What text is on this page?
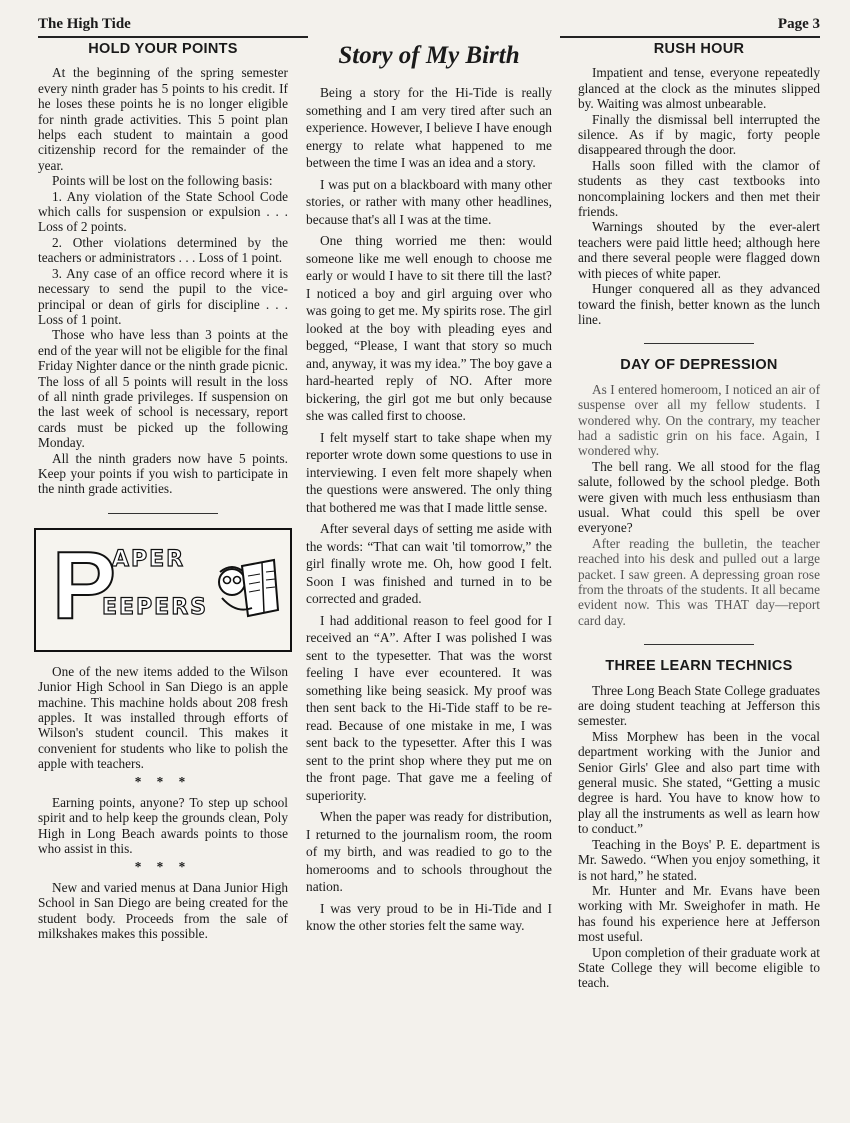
The High Tide	Page 3
HOLD YOUR POINTS

At the beginning of the spring semester every ninth grader has 5 points to his credit. If he loses these points he is no longer eligible for ninth grade activities. This 5 point plan helps each student to maintain a good citizenship record for the remainder of the year.

Points will be lost on the following basis:

1. Any violation of the State School Code which calls for suspension or expulsion . . . Loss of 2 points.

2. Other violations determined by the teachers or administrators . . . Loss of 1 point.

3. Any case of an office record where it is necessary to send the pupil to the vice-principal or dean of girls for discipline . . . Loss of 1 point.

Those who have less than 3 points at the end of the year will not be eligible for the final Friday Nighter dance or the ninth grade picnic. The loss of all 5 points will result in the loss of all ninth grade privileges. If suspension on the last week of school is necessary, report cards must be picked up the following Monday.

All the ninth graders now have 5 points. Keep your points if you wish to participate in the ninth grade activities.

P
APER
EEPERS

One of the new items added to the Wilson Junior High School in San Diego is an apple machine. This machine holds about 208 fresh apples. It was installed through efforts of Wilson's student council. This makes it convenient for students who like to polish the apple with teachers.

* * *

Earning points, anyone? To step up school spirit and to help keep the grounds clean, Poly High in Long Beach awards points to those who assist in this.

* * *

New and varied menus at Dana Junior High School in San Diego are being created for the student body. Proceeds from the sale of milkshakes makes this possible.

Story of My Birth

Being a story for the Hi-Tide is really something and I am very tired after such an experience. However, I believe I have enough energy to relate what happened to me between the time I was an idea and a story.

I was put on a blackboard with many other stories, or rather with many other headlines, because that's all I was at the time.

One thing worried me then: would someone like me well enough to choose me early or would I have to sit there till the last? I noticed a boy and girl arguing over who was going to get me. My spirits rose. The girl looked at the boy with pleading eyes and begged, “Please, I want that story so much and, anyway, it was my idea.” The boy gave a hard-hearted reply of NO. After more bickering, the girl got me but only because she was called first to choose.

I felt myself start to take shape when my reporter wrote down some questions to use in interviewing. I even felt more shapely when the questions were answered. The only thing that bothered me was that I made little sense.

After several days of setting me aside with the words: “That can wait 'til tomorrow,” the girl finally wrote me. Oh, how good I felt. Soon I was finished and turned in to be corrected and graded.

I had additional reason to feel good for I received an “A”. After I was polished I was sent to the typesetter. That was the worst feeling I have ever ecountered. It was something like being seasick. My proof was then sent back to the Hi-Tide staff to be re-read. Because of one mistake in me, I was sent back to the typesetter. After this I was sent to the print shop where they put me on the front page. That gave me a feeling of superiority.

When the paper was ready for distribution, I returned to the journalism room, the room of my birth, and was readied to go to the homerooms and to schools throughout the nation.

I was very proud to be in Hi-Tide and I know the other stories felt the same way.

RUSH HOUR

Impatient and tense, everyone repeatedly glanced at the clock as the minutes slipped by. Waiting was almost unbearable.

Finally the dismissal bell interrupted the silence. As if by magic, forty people disappeared through the door.

Halls soon filled with the clamor of students as they cast textbooks into noncomplaining lockers and then met their friends.

Warnings shouted by the ever-alert teachers were paid little heed; although here and there several people were flagged down with pieces of white paper.

Hunger conquered all as they advanced toward the finish, better known as the lunch line.

DAY OF DEPRESSION

As I entered homeroom, I noticed an air of suspense over all my fellow students. I wondered why. On the contrary, my teacher had a sadistic grin on his face. Again, I wondered why.

The bell rang. We all stood for the flag salute, followed by the school pledge. Both were given with much less enthusiasm than usual. What could this spell be over everyone?

After reading the bulletin, the teacher reached into his desk and pulled out a large packet. I saw green. A depressing groan rose from the throats of the students. It all became evident now. This was THAT day—report card day.

THREE LEARN TECHNICS

Three Long Beach State College graduates are doing student teaching at Jefferson this semester.

Miss Morphew has been in the vocal department working with the Junior and Senior Girls' Glee and also part time with general music. She stated, “Getting a music degree is hard. You have to know how to play all the instruments as well as learn how to conduct.”

Teaching in the Boys' P. E. department is Mr. Sawedo. “When you enjoy something, it is not hard,” he stated.

Mr. Hunter and Mr. Evans have been working with Mr. Sweighofer in math. He has found his experience here at Jefferson most useful.

Upon completion of their graduate work at State College they will become eligible to teach.
